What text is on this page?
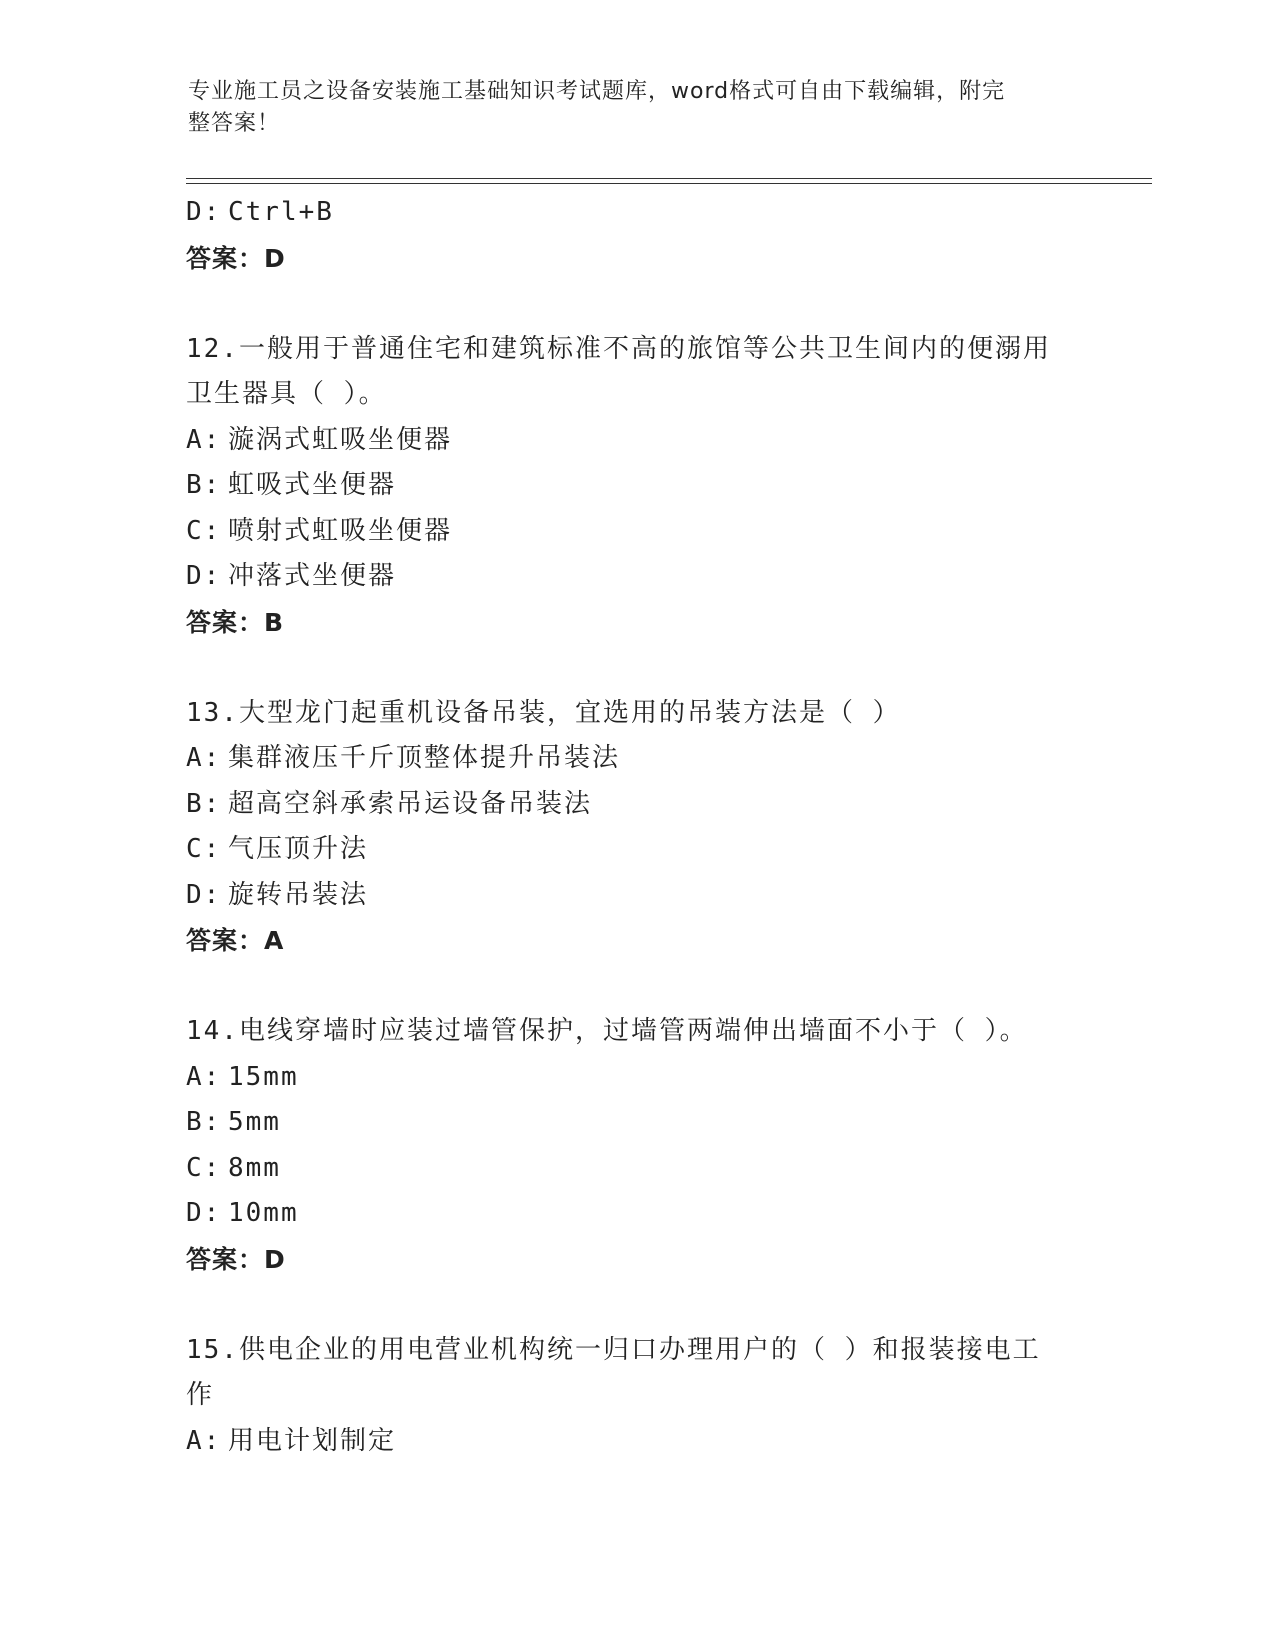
专业施工员之设备安装施工基础知识考试题库，word格式可自由下载编辑，附完
整答案！
D: Ctrl+B
答案：D
12.一般用于普通住宅和建筑标准不高的旅馆等公共卫生间内的便溺用
卫生器具（ ）。
A: 漩涡式虹吸坐便器
B: 虹吸式坐便器
C: 喷射式虹吸坐便器
D: 冲落式坐便器
答案：B
13.大型龙门起重机设备吊装，宜选用的吊装方法是（ ）
A: 集群液压千斤顶整体提升吊装法
B: 超高空斜承索吊运设备吊装法
C: 气压顶升法
D: 旋转吊装法
答案：A
14.电线穿墙时应装过墙管保护，过墙管两端伸出墙面不小于（ ）。
A: 15mm
B: 5mm
C: 8mm
D: 10mm
答案：D
15.供电企业的用电营业机构统一归口办理用户的（ ）和报装接电工
作
A: 用电计划制定
